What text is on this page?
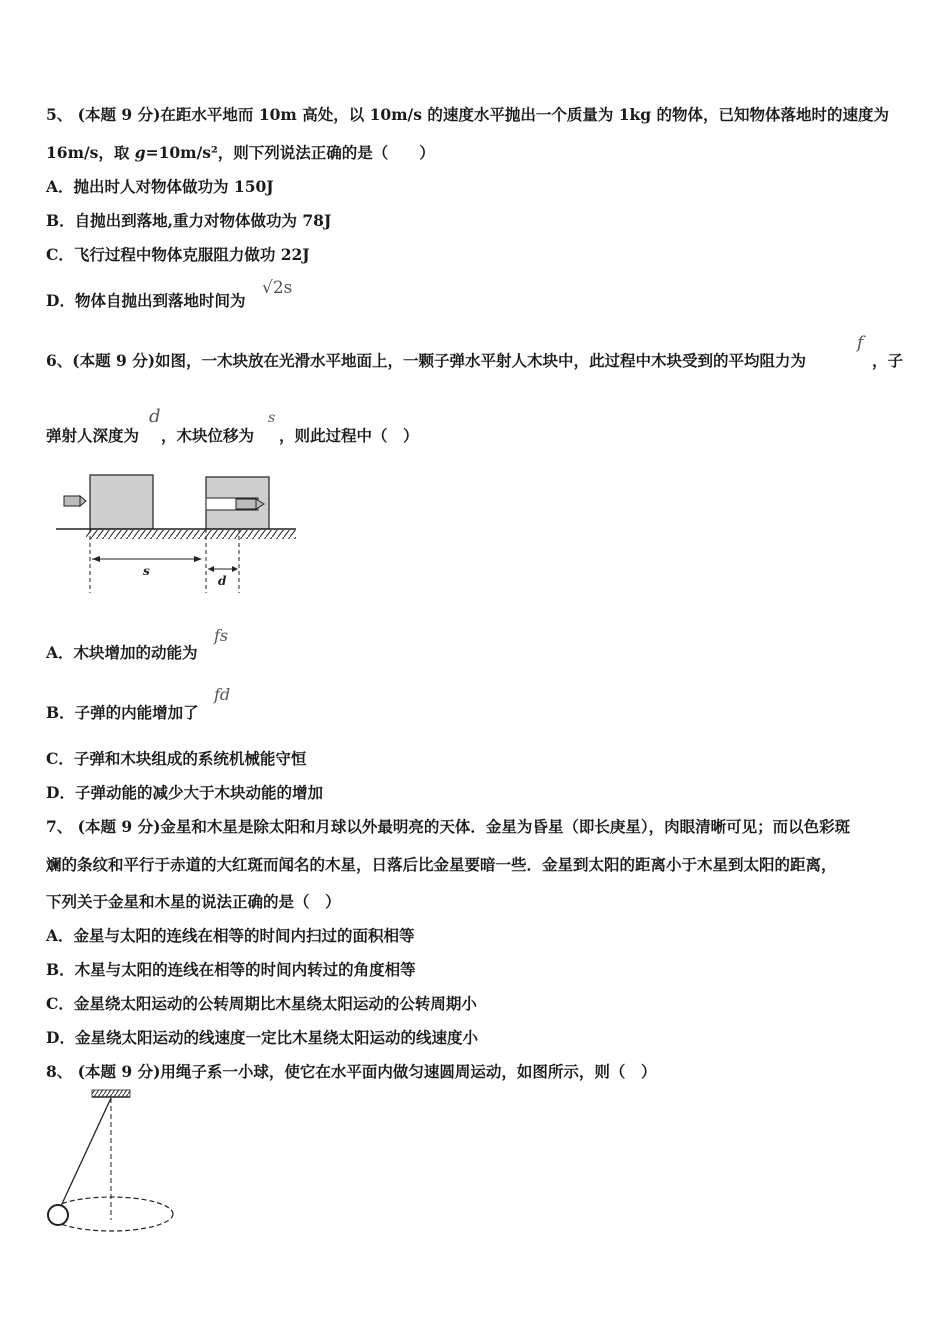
5、 (本题 9 分)在距水平地而 10m 高处，以 10m/s 的速度水平抛出一个质量为 1kg 的物体，已知物体落地时的速度为
16m/s，取 g=10m/s²，则下列说法正确的是（　　）
A．抛出时人对物体做功为 150J
B．自抛出到落地,重力对物体做功为 78J
C．飞行过程中物体克服阻力做功 22J
D．物体自抛出到落地时间为
√2s
6、(本题 9 分)如图，一木块放在光滑水平地面上，一颗子弹水平射人木块中，此过程中木块受到的平均阻力为
f
，子
弹射人深度为
d
，木块位移为
s
，则此过程中（　）
s
d
A．木块增加的动能为
fs
B．子弹的内能增加了
fd
C．子弹和木块组成的系统机械能守恒
D．子弹动能的减少大于木块动能的增加
7、 (本题 9 分)金星和木星是除太阳和月球以外最明亮的天体．金星为昏星（即长庚星），肉眼清晰可见；而以色彩斑
斓的条纹和平行于赤道的大红斑而闻名的木星，日落后比金星要暗一些．金星到太阳的距离小于木星到太阳的距离，
下列关于金星和木星的说法正确的是（　）
A．金星与太阳的连线在相等的时间内扫过的面积相等
B．木星与太阳的连线在相等的时间内转过的角度相等
C．金星绕太阳运动的公转周期比木星绕太阳运动的公转周期小
D．金星绕太阳运动的线速度一定比木星绕太阳运动的线速度小
8、 (本题 9 分)用绳子系一小球，使它在水平面内做匀速圆周运动，如图所示，则（　）
